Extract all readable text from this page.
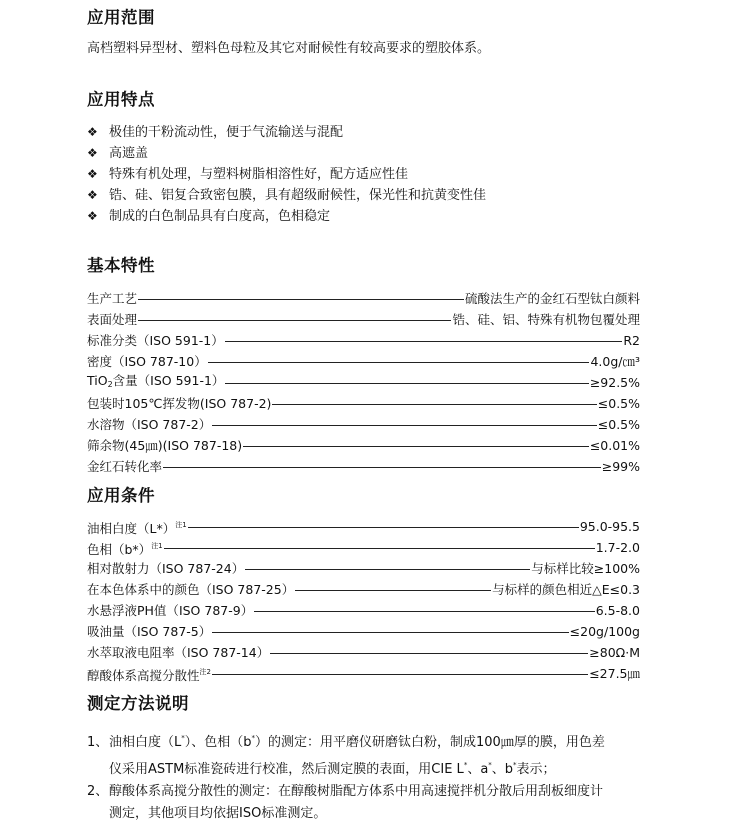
应用范围

高档塑料异型材、塑料色母粒及其它对耐候性有较高要求的塑胶体系。

应用特点
❖ 极佳的干粉流动性，便于气流输送与混配
❖ 高遮盖
❖ 特殊有机处理，与塑料树脂相溶性好，配方适应性佳
❖ 锆、硅、铝复合致密包膜，具有超级耐候性，保光性和抗黄变性佳
❖ 制成的白色制品具有白度高，色相稳定
基本特性
生产工艺	硫酸法生产的金红石型钛白颜料
表面处理	锆、硅、铝、特殊有机物包覆处理
标准分类（ISO 591-1）	R2
密度（ISO 787-10）	4.0g/㎝³
TiO$_2$含量（ISO 591-1）	≥92.5%
包装时105℃挥发物(ISO 787-2)	≤0.5%
水溶物（ISO 787-2）	≤0.5%
筛余物(45㎛)(ISO 787-18)	≤0.01%
金红石转化率	≥99%
应用条件
油相白度$(L*)^{注1}$	95.0-95.5
色相$(b*)^{注1}$	1.7-2.0
相对散射力（ISO 787-24）	与标样比较≥100%
在本色体系中的颜色（ISO 787-25）	与标样的颜色相近△E≤0.3
水悬浮液PH值（ISO 787-9）	6.5-8.0
吸油量（ISO 787-5）	≤20g/100g
水萃取液电阻率（ISO 787-14）	≥80Ω·M
醇酸体系高搅分散性$^{注2}$	≤27.5㎛
测定方法说明
1、油相白度（L*）、色相（b*）的测定：用平磨仪研磨钛白粉，制成100㎛厚的膜，用色差
仪采用ASTM标准瓷砖进行校准，然后测定膜的表面，用CIE L*、a*、b*表示；
2、醇酸体系高搅分散性的测定：在醇酸树脂配方体系中用高速搅拌机分散后用刮板细度计
测定，其他项目均依据ISO标准测定。
